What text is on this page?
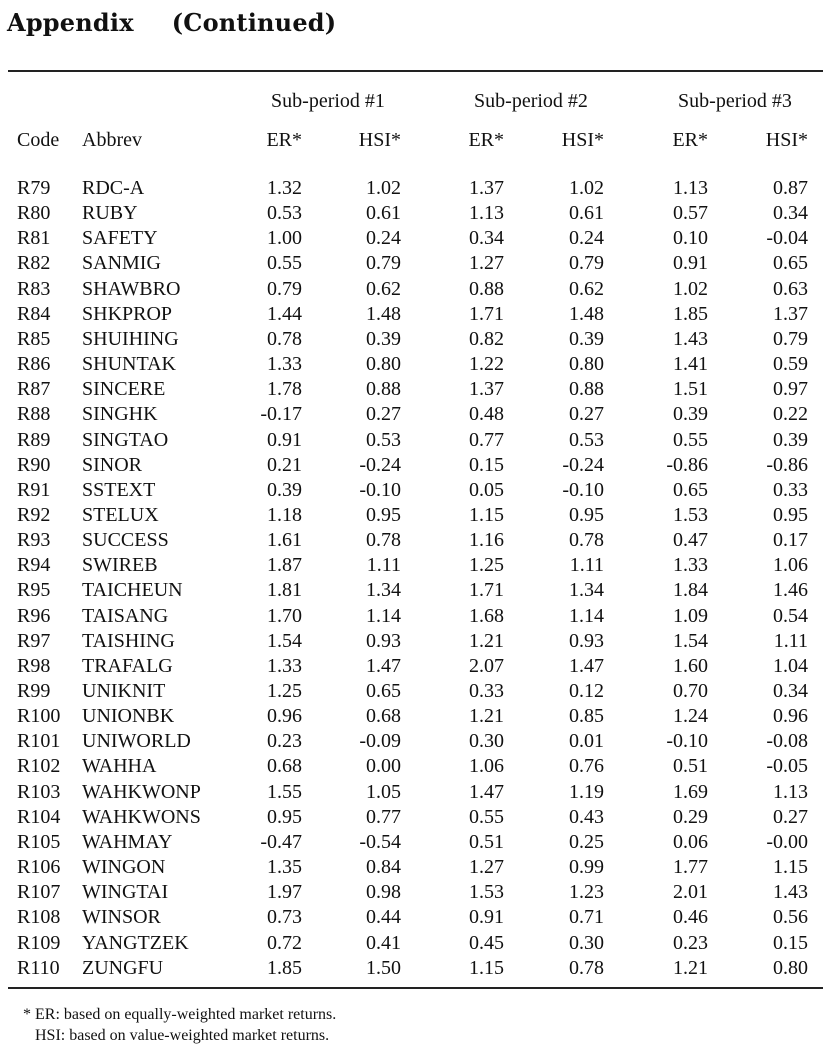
Appendix (Continued)
Sub-period #1	Sub-period #2	Sub-period #3
Code Abbrev	ER*	HSI*	ER*	HSI*	ER*	HSI*
R79 RDC-A	1.32	1.02	1.37	1.02	1.13	0.87
R80 RUBY	0.53	0.61	1.13	0.61	0.57	0.34
R81 SAFETY	1.00	0.24	0.34	0.24	0.10	-0.04
R82 SANMIG	0.55	0.79	1.27	0.79	0.91	0.65
R83 SHAWBRO	0.79	0.62	0.88	0.62	1.02	0.63
R84 SHKPROP	1.44	1.48	1.71	1.48	1.85	1.37
R85 SHUIHING	0.78	0.39	0.82	0.39	1.43	0.79
R86 SHUNTAK	1.33	0.80	1.22	0.80	1.41	0.59
R87 SINCERE	1.78	0.88	1.37	0.88	1.51	0.97
R88 SINGHK	-0.17	0.27	0.48	0.27	0.39	0.22
R89 SINGTAO	0.91	0.53	0.77	0.53	0.55	0.39
R90 SINOR	0.21	-0.24	0.15	-0.24	-0.86	-0.86
R91 SSTEXT	0.39	-0.10	0.05	-0.10	0.65	0.33
R92 STELUX	1.18	0.95	1.15	0.95	1.53	0.95
R93 SUCCESS	1.61	0.78	1.16	0.78	0.47	0.17
R94 SWIREB	1.87	1.11	1.25	1.11	1.33	1.06
R95 TAICHEUN	1.81	1.34	1.71	1.34	1.84	1.46
R96 TAISANG	1.70	1.14	1.68	1.14	1.09	0.54
R97 TAISHING	1.54	0.93	1.21	0.93	1.54	1.11
R98 TRAFALG	1.33	1.47	2.07	1.47	1.60	1.04
R99 UNIKNIT	1.25	0.65	0.33	0.12	0.70	0.34
R100 UNIONBK	0.96	0.68	1.21	0.85	1.24	0.96
R101 UNIWORLD	0.23	-0.09	0.30	0.01	-0.10	-0.08
R102 WAHHA	0.68	0.00	1.06	0.76	0.51	-0.05
R103 WAHKWONP	1.55	1.05	1.47	1.19	1.69	1.13
R104 WAHKWONS	0.95	0.77	0.55	0.43	0.29	0.27
R105 WAHMAY	-0.47	-0.54	0.51	0.25	0.06	-0.00
R106 WINGON	1.35	0.84	1.27	0.99	1.77	1.15
R107 WINGTAI	1.97	0.98	1.53	1.23	2.01	1.43
R108 WINSOR	0.73	0.44	0.91	0.71	0.46	0.56
R109 YANGTZEK	0.72	0.41	0.45	0.30	0.23	0.15
R110 ZUNGFU	1.85	1.50	1.15	0.78	1.21	0.80
* ER: based on equally-weighted market returns.
HSI: based on value-weighted market returns.
